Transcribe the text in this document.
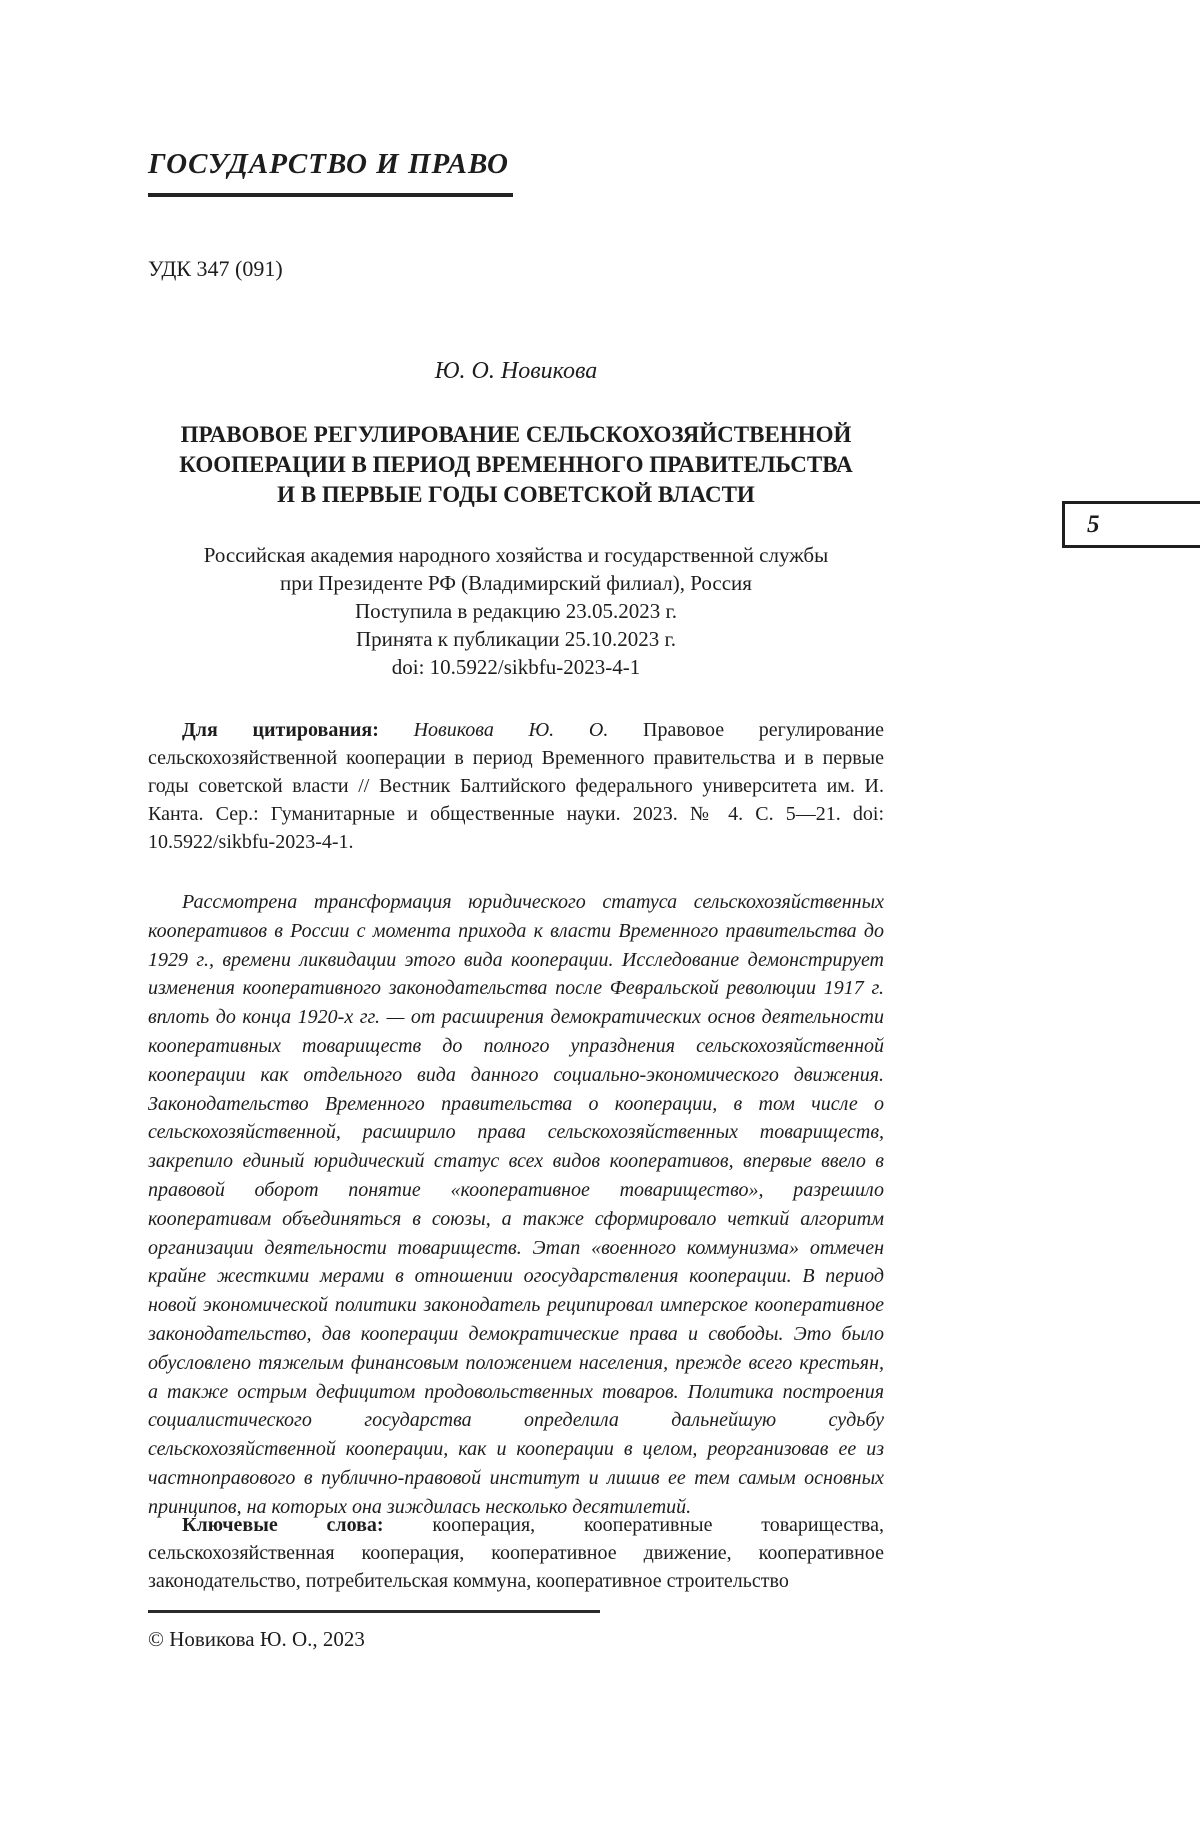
ГОСУДАРСТВО И ПРАВО
УДК 347 (091)
Ю. О. Новикова
ПРАВОВОЕ РЕГУЛИРОВАНИЕ СЕЛЬСКОХОЗЯЙСТВЕННОЙ
КООПЕРАЦИИ В ПЕРИОД ВРЕМЕННОГО ПРАВИТЕЛЬСТВА
И В ПЕРВЫЕ ГОДЫ СОВЕТСКОЙ ВЛАСТИ
Российская академия народного хозяйства и государственной службы
при Президенте РФ (Владимирский филиал), Россия
Поступила в редакцию 23.05.2023 г.
Принята к публикации 25.10.2023 г.
doi: 10.5922/sikbfu-2023-4-1

Для цитирования: Новикова Ю. О. Правовое регулирование сельскохозяйственной кооперации в период Временного правительства и в первые годы советской власти // Вестник Балтийского федерального университета им. И. Канта. Сер.: Гуманитарные и общественные науки. 2023. № 4. С. 5—21. doi: 10.5922/sikbfu-2023-4-1.

Рассмотрена трансформация юридического статуса сельскохозяйственных кооперативов в России с момента прихода к власти Временного правительства до 1929 г., времени ликвидации этого вида кооперации. Исследование демонстрирует изменения кооперативного законодательства после Февральской революции 1917 г. вплоть до конца 1920-х гг. — от расширения демократических основ деятельности кооперативных товариществ до полного упразднения сельскохозяйственной кооперации как отдельного вида данного социально-экономического движения. Законодательство Временного правительства о кооперации, в том числе о сельскохозяйственной, расширило права сельскохозяйственных товариществ, закрепило единый юридический статус всех видов кооперативов, впервые ввело в правовой оборот понятие «кооперативное товарищество», разрешило кооперативам объединяться в союзы, а также сформировало четкий алгоритм организации деятельности товариществ. Этап «военного коммунизма» отмечен крайне жесткими мерами в отношении огосударствления кооперации. В период новой экономической политики законодатель реципировал имперское кооперативное законодательство, дав кооперации демократические права и свободы. Это было обусловлено тяжелым финансовым положением населения, прежде всего крестьян, а также острым дефицитом продовольственных товаров. Политика построения социалистического государства определила дальнейшую судьбу сельскохозяйственной кооперации, как и кооперации в целом, реорганизовав ее из частноправового в публично-правовой институт и лишив ее тем самым основных принципов, на которых она зиждилась несколько десятилетий.

Ключевые слова: кооперация, кооперативные товарищества, сельскохозяйственная кооперация, кооперативное движение, кооперативное законодательство, потребительская коммуна, кооперативное строительство

© Новикова Ю. О., 2023
5
